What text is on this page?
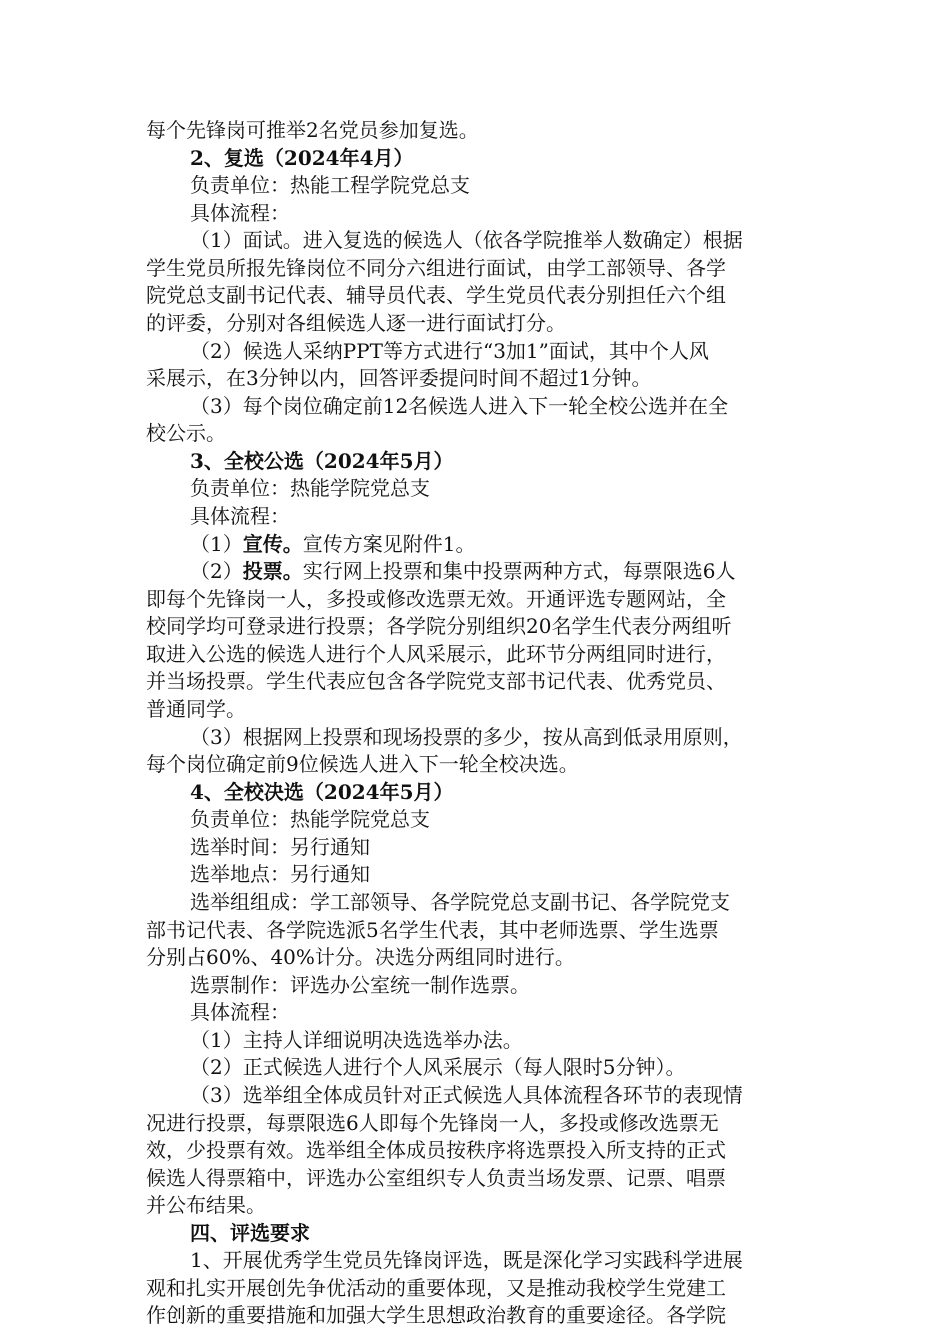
每个先锋岗可推举2名党员参加复选。
2、复选（2024年4月）
负责单位：热能工程学院党总支
具体流程：
（1）面试。进入复选的候选人（依各学院推举人数确定）根据
学生党员所报先锋岗位不同分六组进行面试，由学工部领导、各学
院党总支副书记代表、辅导员代表、学生党员代表分别担任六个组
的评委，分别对各组候选人逐一进行面试打分。
（2）候选人采纳PPT等方式进行“3加1”面试，其中个人风
采展示，在3分钟以内，回答评委提问时间不超过1分钟。
（3）每个岗位确定前12名候选人进入下一轮全校公选并在全
校公示。
3、全校公选（2024年5月）
负责单位：热能学院党总支
具体流程：
（1）宣传。宣传方案见附件1。
（2）投票。实行网上投票和集中投票两种方式，每票限选6人
即每个先锋岗一人，多投或修改选票无效。开通评选专题网站，全
校同学均可登录进行投票；各学院分别组织20名学生代表分两组听
取进入公选的候选人进行个人风采展示，此环节分两组同时进行，
并当场投票。学生代表应包含各学院党支部书记代表、优秀党员、
普通同学。
（3）根据网上投票和现场投票的多少，按从高到低录用原则，
每个岗位确定前9位候选人进入下一轮全校决选。
4、全校决选（2024年5月）
负责单位：热能学院党总支
选举时间：另行通知
选举地点：另行通知
选举组组成：学工部领导、各学院党总支副书记、各学院党支
部书记代表、各学院选派5名学生代表，其中老师选票、学生选票
分别占60%、40%计分。决选分两组同时进行。
选票制作：评选办公室统一制作选票。
具体流程：
（1）主持人详细说明决选选举办法。
（2）正式候选人进行个人风采展示（每人限时5分钟）。
（3）选举组全体成员针对正式候选人具体流程各环节的表现情
况进行投票，每票限选6人即每个先锋岗一人，多投或修改选票无
效，少投票有效。选举组全体成员按秩序将选票投入所支持的正式
候选人得票箱中，评选办公室组织专人负责当场发票、记票、唱票
并公布结果。
四、评选要求
1、开展优秀学生党员先锋岗评选，既是深化学习实践科学进展
观和扎实开展创先争优活动的重要体现，又是推动我校学生党建工
作创新的重要措施和加强大学生思想政治教育的重要途径。各学院
